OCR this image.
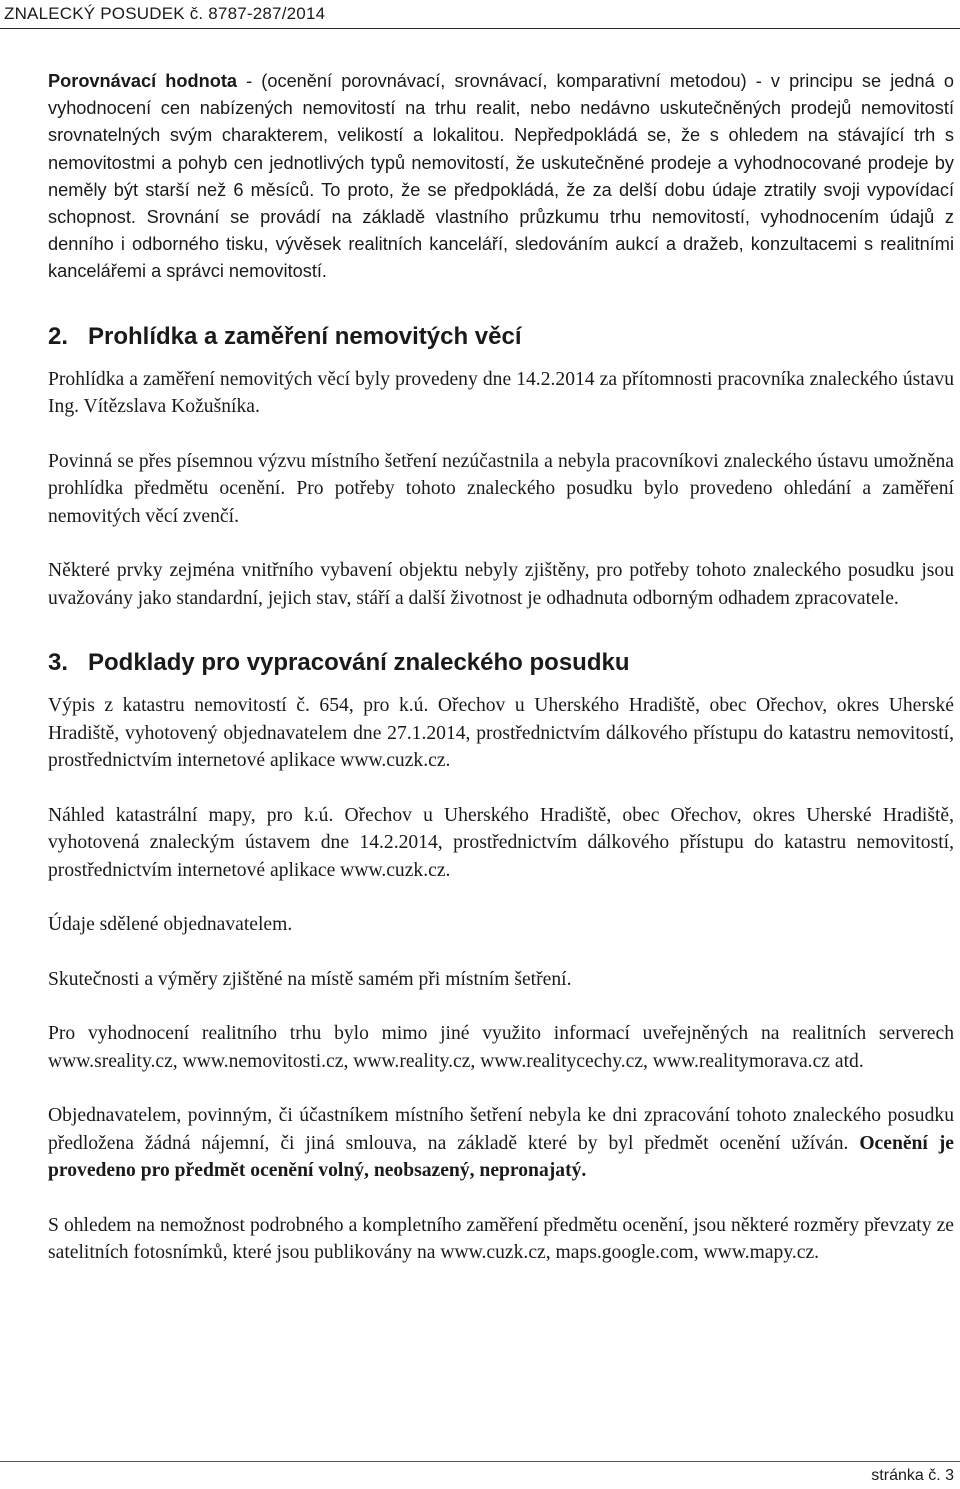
ZNALECKÝ POSUDEK č. 8787-287/2014

Porovnávací hodnota - (ocenění porovnávací, srovnávací, komparativní metodou) - v principu se jedná o vyhodnocení cen nabízených nemovitostí na trhu realit, nebo nedávno uskutečněných prodejů nemovitostí srovnatelných svým charakterem, velikostí a lokalitou. Nepředpokládá se, že s ohledem na stávající trh s nemovitostmi a pohyb cen jednotlivých typů nemovitostí, že uskutečněné prodeje a vyhodnocované prodeje by neměly být starší než 6 měsíců. To proto, že se předpokládá, že za delší dobu údaje ztratily svoji vypovídací schopnost. Srovnání se provádí na základě vlastního průzkumu trhu nemovitostí, vyhodnocením údajů z denního i odborného tisku, vývěsek realitních kanceláří, sledováním aukcí a dražeb, konzultacemi s realitními kancelářemi a správci nemovitostí.

2. Prohlídka a zaměření nemovitých věcí

Prohlídka a zaměření nemovitých věcí byly provedeny dne 14.2.2014 za přítomnosti pracovníka znaleckého ústavu Ing. Vítězslava Kožušníka.

Povinná se přes písemnou výzvu místního šetření nezúčastnila a nebyla pracovníkovi znaleckého ústavu umožněna prohlídka předmětu ocenění. Pro potřeby tohoto znaleckého posudku bylo provedeno ohledání a zaměření nemovitých věcí zvenčí.

Některé prvky zejména vnitřního vybavení objektu nebyly zjištěny, pro potřeby tohoto znaleckého posudku jsou uvažovány jako standardní, jejich stav, stáří a další životnost je odhadnuta odborným odhadem zpracovatele.

3. Podklady pro vypracování znaleckého posudku

Výpis z katastru nemovitostí č. 654, pro k.ú. Ořechov u Uherského Hradiště, obec Ořechov, okres Uherské Hradiště, vyhotovený objednavatelem dne 27.1.2014, prostřednictvím dálkového přístupu do katastru nemovitostí, prostřednictvím internetové aplikace www.cuzk.cz.

Náhled katastrální mapy, pro k.ú. Ořechov u Uherského Hradiště, obec Ořechov, okres Uherské Hradiště, vyhotovená znaleckým ústavem dne 14.2.2014, prostřednictvím dálkového přístupu do katastru nemovitostí, prostřednictvím internetové aplikace www.cuzk.cz.

Údaje sdělené objednavatelem.

Skutečnosti a výměry zjištěné na místě samém při místním šetření.

Pro vyhodnocení realitního trhu bylo mimo jiné využito informací uveřejněných na realitních serverech www.sreality.cz, www.nemovitosti.cz, www.reality.cz, www.realitycechy.cz, www.realitymorava.cz atd.

Objednavatelem, povinným, či účastníkem místního šetření nebyla ke dni zpracování tohoto znaleckého posudku předložena žádná nájemní, či jiná smlouva, na základě které by byl předmět ocenění užíván. Ocenění je provedeno pro předmět ocenění volný, neobsazený, nepronajatý.

S ohledem na nemožnost podrobného a kompletního zaměření předmětu ocenění, jsou některé rozměry převzaty ze satelitních fotosnímků, které jsou publikovány na www.cuzk.cz, maps.google.com, www.mapy.cz.

stránka č. 3
